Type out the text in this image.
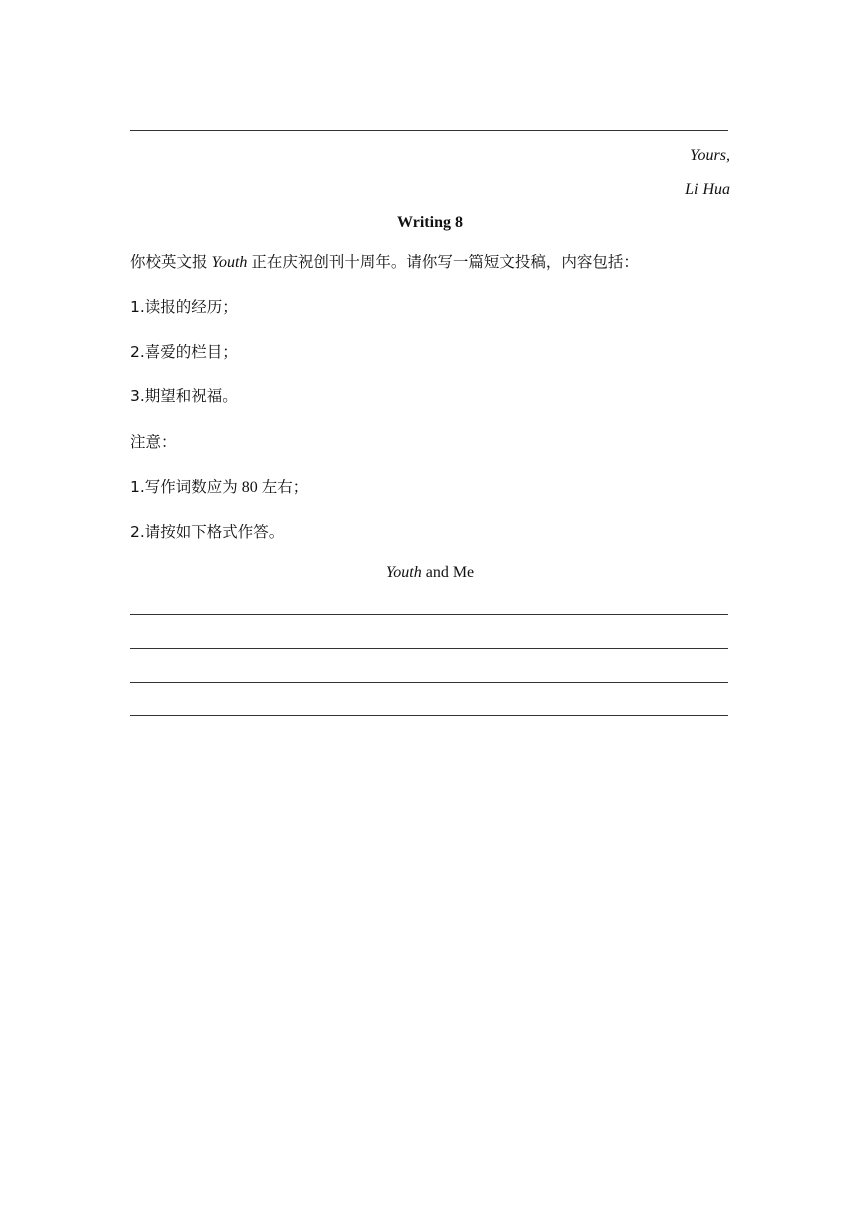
Yours,
Li Hua
Writing 8
你校英文报 Youth 正在庆祝创刊十周年。请你写一篇短文投稿，内容包括：
1.读报的经历；
2.喜爱的栏目；
3.期望和祝福。
注意：
1.写作词数应为 80 左右；
2.请按如下格式作答。
Youth and Me
